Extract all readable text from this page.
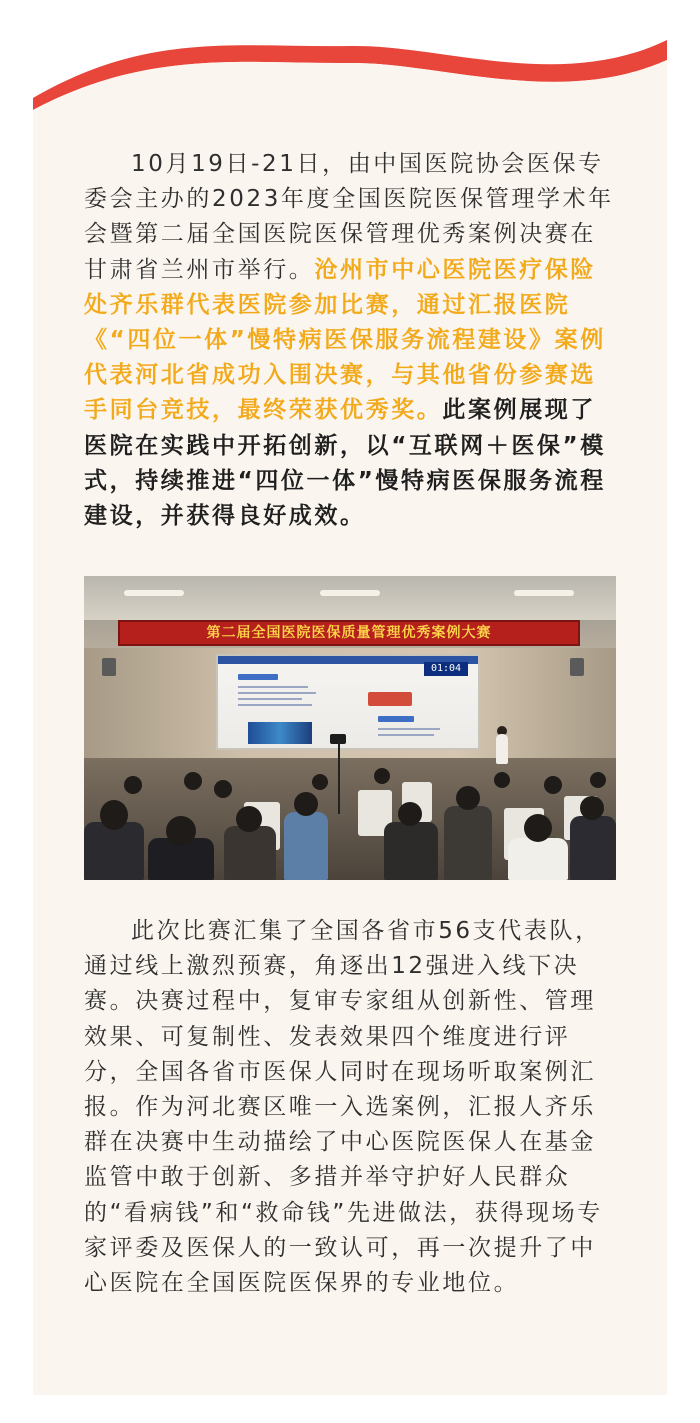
10月19日-21日，由中国医院协会医保专委会主办的2023年度全国医院医保管理学术年会暨第二届全国医院医保管理优秀案例决赛在甘肃省兰州市举行。沧州市中心医院医疗保险处齐乐群代表医院参加比赛，通过汇报医院《“四位一体”慢特病医保服务流程建设》案例代表河北省成功入围决赛，与其他省份参赛选手同台竞技，最终荣获优秀奖。此案例展现了医院在实践中开拓创新，以“互联网＋医保”模式，持续推进“四位一体”慢特病医保服务流程建设，并获得良好成效。

第二届全国医院医保质量管理优秀案例大赛
01:04

此次比赛汇集了全国各省市56支代表队，通过线上激烈预赛，角逐出12强进入线下决赛。决赛过程中，复审专家组从创新性、管理效果、可复制性、发表效果四个维度进行评分，全国各省市医保人同时在现场听取案例汇报。作为河北赛区唯一入选案例，汇报人齐乐群在决赛中生动描绘了中心医院医保人在基金监管中敢于创新、多措并举守护好人民群众的“看病钱”和“救命钱”先进做法，获得现场专家评委及医保人的一致认可，再一次提升了中心医院在全国医院医保界的专业地位。
